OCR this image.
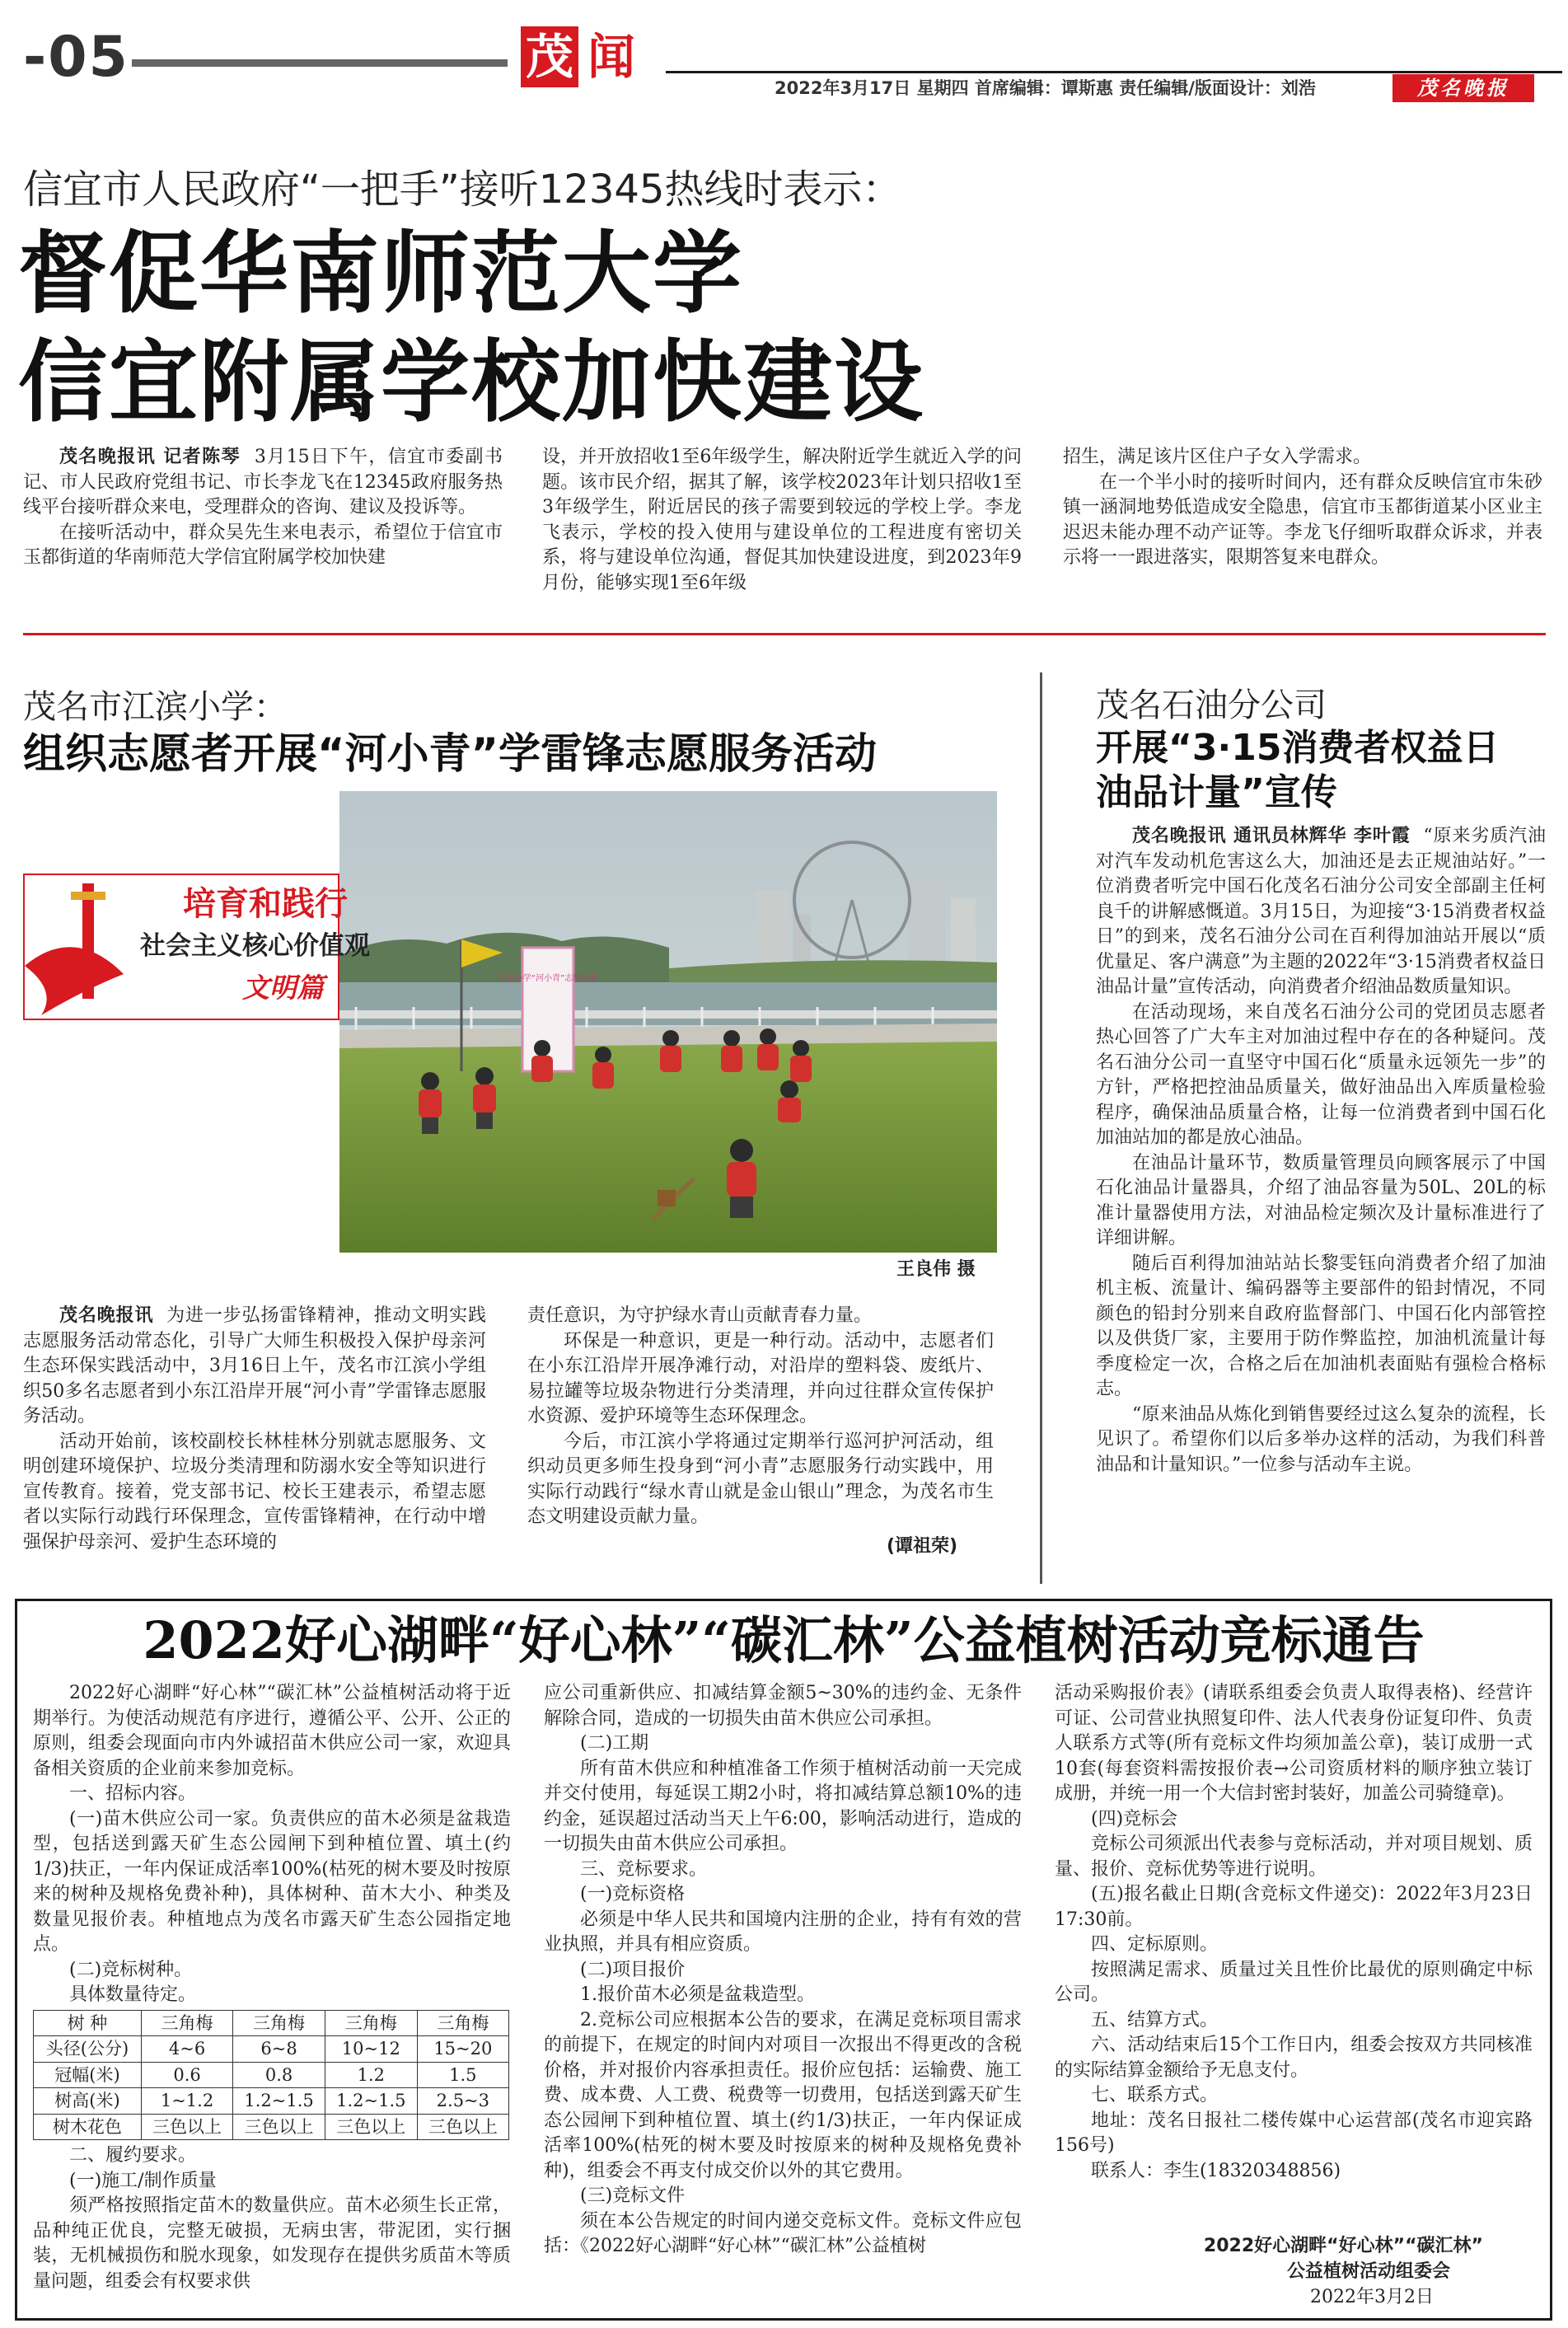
-05	茂 闻
2022年3月17日 星期四 首席编辑：谭斯惠 责任编辑/版面设计：刘浩	茂名晚报
信宜市人民政府“一把手”接听12345热线时表示：
督促华南师范大学
信宜附属学校加快建设

茂名晚报讯 记者陈琴 3月15日下午，信宜市委副书记、市人民政府党组书记、市长李龙飞在12345政府服务热线平台接听群众来电，受理群众的咨询、建议及投诉等。

在接听活动中，群众吴先生来电表示，希望位于信宜市玉都街道的华南师范大学信宜附属学校加快建

设，并开放招收1至6年级学生，解决附近学生就近入学的问题。该市民介绍，据其了解，该学校2023年计划只招收1至3年级学生，附近居民的孩子需要到较远的学校上学。李龙飞表示，学校的投入使用与建设单位的工程进度有密切关系，将与建设单位沟通，督促其加快建设进度，到2023年9月份，能够实现1至6年级

招生，满足该片区住户子女入学需求。

在一个半小时的接听时间内，还有群众反映信宜市朱砂镇一涵洞地势低造成安全隐患，信宜市玉都街道某小区业主迟迟未能办理不动产证等。李龙飞仔细听取群众诉求，并表示将一一跟进落实，限期答复来电群众。

茂名市江滨小学：
组织志愿者开展“河小青”学雷锋志愿服务活动
江滨小学“河小青”志愿服务
培育和践行
社会主义核心价值观
文明篇
王良伟 摄

茂名晚报讯 为进一步弘扬雷锋精神，推动文明实践志愿服务活动常态化，引导广大师生积极投入保护母亲河生态环保实践活动中，3月16日上午，茂名市江滨小学组织50多名志愿者到小东江沿岸开展“河小青”学雷锋志愿服务活动。

活动开始前，该校副校长林桂林分别就志愿服务、文明创建环境保护、垃圾分类清理和防溺水安全等知识进行宣传教育。接着，党支部书记、校长王建表示，希望志愿者以实际行动践行环保理念，宣传雷锋精神，在行动中增强保护母亲河、爱护生态环境的

责任意识，为守护绿水青山贡献青春力量。

环保是一种意识，更是一种行动。活动中，志愿者们在小东江沿岸开展净滩行动，对沿岸的塑料袋、废纸片、易拉罐等垃圾杂物进行分类清理，并向过往群众宣传保护水资源、爱护环境等生态环保理念。

今后，市江滨小学将通过定期举行巡河护河活动，组织动员更多师生投身到“河小青”志愿服务行动实践中，用实际行动践行“绿水青山就是金山银山”理念，为茂名市生态文明建设贡献力量。

(谭祖荣)
茂名石油分公司
开展“3·15消费者权益日
油品计量”宣传

茂名晚报讯 通讯员林辉华 李叶霞 “原来劣质汽油对汽车发动机危害这么大，加油还是去正规油站好。”一位消费者听完中国石化茂名石油分公司安全部副主任柯良千的讲解感慨道。3月15日，为迎接“3·15消费者权益日”的到来，茂名石油分公司在百利得加油站开展以“质优量足、客户满意”为主题的2022年“3·15消费者权益日油品计量”宣传活动，向消费者介绍油品数质量知识。

在活动现场，来自茂名石油分公司的党团员志愿者热心回答了广大车主对加油过程中存在的各种疑问。茂名石油分公司一直坚守中国石化“质量永远领先一步”的方针，严格把控油品质量关，做好油品出入库质量检验程序，确保油品质量合格，让每一位消费者到中国石化加油站加的都是放心油品。

在油品计量环节，数质量管理员向顾客展示了中国石化油品计量器具，介绍了油品容量为50L、20L的标准计量器使用方法，对油品检定频次及计量标准进行了详细讲解。

随后百利得加油站站长黎雯钰向消费者介绍了加油机主板、流量计、编码器等主要部件的铅封情况，不同颜色的铅封分别来自政府监督部门、中国石化内部管控以及供货厂家，主要用于防作弊监控，加油机流量计每季度检定一次，合格之后在加油机表面贴有强检合格标志。

“原来油品从炼化到销售要经过这么复杂的流程，长见识了。希望你们以后多举办这样的活动，为我们科普油品和计量知识。”一位参与活动车主说。

2022好心湖畔“好心林”“碳汇林”公益植树活动竞标通告

2022好心湖畔“好心林”“碳汇林”公益植树活动将于近期举行。为使活动规范有序进行，遵循公平、公开、公正的原则，组委会现面向市内外诚招苗木供应公司一家，欢迎具备相关资质的企业前来参加竞标。

一、招标内容。

(一)苗木供应公司一家。负责供应的苗木必须是盆栽造型，包括送到露天矿生态公园闸下到种植位置、填土(约1/3)扶正，一年内保证成活率100%(枯死的树木要及时按原来的树种及规格免费补种)，具体树种、苗木大小、种类及数量见报价表。种植地点为茂名市露天矿生态公园指定地点。

(二)竞标树种。

具体数量待定。

树 种	三角梅	三角梅	三角梅	三角梅
头径(公分)	4~6	6~8	10~12	15~20
冠幅(米)	0.6	0.8	1.2	1.5
树高(米)	1~1.2	1.2~1.5	1.2~1.5	2.5~3
树木花色	三色以上	三色以上	三色以上	三色以上

二、履约要求。

(一)施工/制作质量

须严格按照指定苗木的数量供应。苗木必须生长正常，品种纯正优良，完整无破损，无病虫害，带泥团，实行捆装，无机械损伤和脱水现象，如发现存在提供劣质苗木等质量问题，组委会有权要求供

应公司重新供应、扣减结算金额5~30%的违约金、无条件解除合同，造成的一切损失由苗木供应公司承担。

(二)工期

所有苗木供应和种植准备工作须于植树活动前一天完成并交付使用，每延误工期2小时，将扣减结算总额10%的违约金，延误超过活动当天上午6:00，影响活动进行，造成的一切损失由苗木供应公司承担。

三、竞标要求。

(一)竞标资格

必须是中华人民共和国境内注册的企业，持有有效的营业执照，并具有相应资质。

(二)项目报价

1.报价苗木必须是盆栽造型。

2.竞标公司应根据本公告的要求，在满足竞标项目需求的前提下，在规定的时间内对项目一次报出不得更改的含税价格，并对报价内容承担责任。报价应包括：运输费、施工费、成本费、人工费、税费等一切费用，包括送到露天矿生态公园闸下到种植位置、填土(约1/3)扶正，一年内保证成活率100%(枯死的树木要及时按原来的树种及规格免费补种)，组委会不再支付成交价以外的其它费用。

(三)竞标文件

须在本公告规定的时间内递交竞标文件。竞标文件应包括：《2022好心湖畔“好心林”“碳汇林”公益植树

活动采购报价表》(请联系组委会负责人取得表格)、经营许可证、公司营业执照复印件、法人代表身份证复印件、负责人联系方式等(所有竞标文件均须加盖公章)，装订成册一式10套(每套资料需按报价表→公司资质材料的顺序独立装订成册，并统一用一个大信封密封装好，加盖公司骑缝章)。

(四)竞标会

竞标公司须派出代表参与竞标活动，并对项目规划、质量、报价、竞标优势等进行说明。

(五)报名截止日期(含竞标文件递交)：2022年3月23日17:30前。

四、定标原则。

按照满足需求、质量过关且性价比最优的原则确定中标公司。

五、结算方式。

六、活动结束后15个工作日内，组委会按双方共同核准的实际结算金额给予无息支付。

七、联系方式。

地址：茂名日报社二楼传媒中心运营部(茂名市迎宾路156号)

联系人：李生(18320348856)

2022好心湖畔“好心林”“碳汇林”
公益植树活动组委会
2022年3月2日
